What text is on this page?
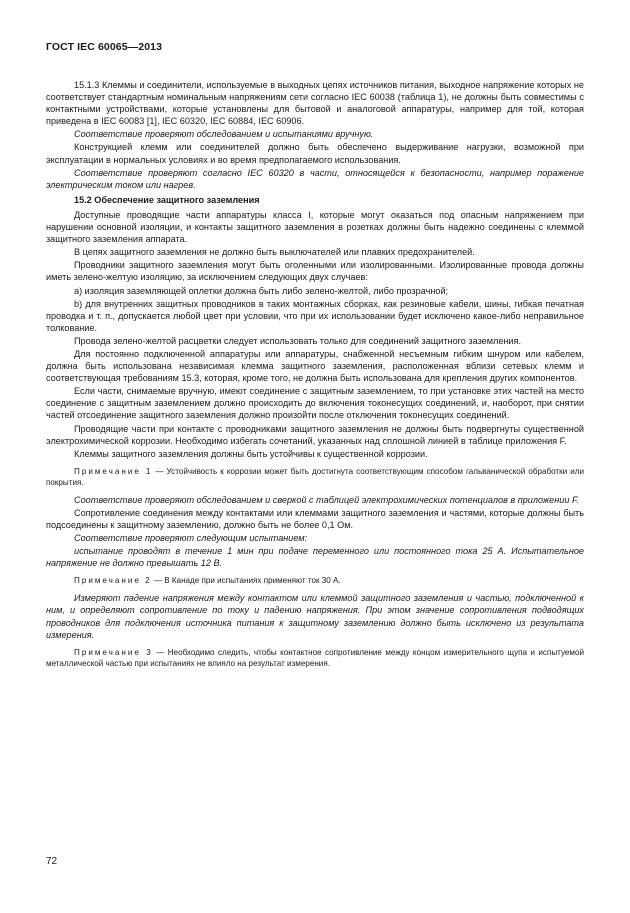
ГОСТ IEC 60065—2013

15.1.3 Клеммы и соединители, используемые в выходных цепях источников питания, выходное напряжение которых не соответствует стандартным номинальным напряжениям сети согласно IEC 60038 (таблица 1), не должны быть совместимы с контактными устройствами, которые установлены для бытовой и аналоговой аппаратуры, например для той, которая приведена в IEC 60083 [1], IEC 60320, IEC 60884, IEC 60906.

Соответствие проверяют обследованием и испытаниями вручную.

Конструкцией клемм или соединителей должно быть обеспечено выдерживание нагрузки, возможной при эксплуатации в нормальных условиях и во время предполагаемого использования.

Соответствие проверяют согласно IEC 60320 в части, относящейся к безопасности, например поражение электрическим током или нагрев.

15.2 Обеспечение защитного заземления

Доступные проводящие части аппаратуры класса I, которые могут оказаться под опасным напряжением при нарушении основной изоляции, и контакты защитного заземления в розетках должны быть надежно соединены с клеммой защитного заземления аппарата.

В цепях защитного заземления не должно быть выключателей или плавких предохранителей.

Проводники защитного заземления могут быть оголенными или изолированными. Изолированные провода должны иметь зелено-желтую изоляцию, за исключением следующих двух случаев:

а) изоляция заземляющей оплетки должна быть либо зелено-желтой, либо прозрачной;

b) для внутренних защитных проводников в таких монтажных сборках, как резиновые кабели, шины, гибкая печатная проводка и т. п., допускается любой цвет при условии, что при их использовании будет исключено какое-либо неправильное толкование.

Провода зелено-желтой расцветки следует использовать только для соединений защитного заземления.

Для постоянно подключенной аппаратуры или аппаратуры, снабженной несъемным гибким шнуром или кабелем, должна быть использована независимая клемма защитного заземления, расположенная вблизи сетевых клемм и соответствующая требованиям 15.3, которая, кроме того, не должна быть использована для крепления других компонентов.

Если части, снимаемые вручную, имеют соединение с защитным заземлением, то при установке этих частей на место соединение с защитным заземлением должно происходить до включения токонесущих соединений, и, наоборот, при снятии частей отсоединение защитного заземления должно произойти после отключения токонесущих соединений.

Проводящие части при контакте с проводниками защитного заземления не должны быть подвергнуты существенной электрохимической коррозии. Необходимо избегать сочетаний, указанных над сплошной линией в таблице приложения F.

Клеммы защитного заземления должны быть устойчивы к существенной коррозии.

Примечание 1 — Устойчивость к коррозии может быть достигнута соответствующим способом гальванической обработки или покрытия.

Соответствие проверяют обследованием и сверкой с таблицей электрохимических потенциалов в приложении F.

Сопротивление соединения между контактами или клеммами защитного заземления и частями, которые должны быть подсоединены к защитному заземлению, должно быть не более 0,1 Ом.

Соответствие проверяют следующим испытанием:

испытание проводят в течение 1 мин при подаче переменного или постоянного тока 25 А. Испытательное напряжение не должно превышать 12 В.

Примечание 2 — В Канаде при испытаниях применяют ток 30 А.

Измеряют падение напряжения между контактом или клеммой защитного заземления и частью, подключенной к ним, и определяют сопротивление по току и падению напряжения. При этом значение сопротивления подводящих проводников для подключения источника питания к защитному заземлению должно быть исключено из результата измерения.

Примечание 3 — Необходимо следить, чтобы контактное сопротивление между концом измерительного щупа и испытуемой металлической частью при испытаниях не влияло на результат измерения.

72
